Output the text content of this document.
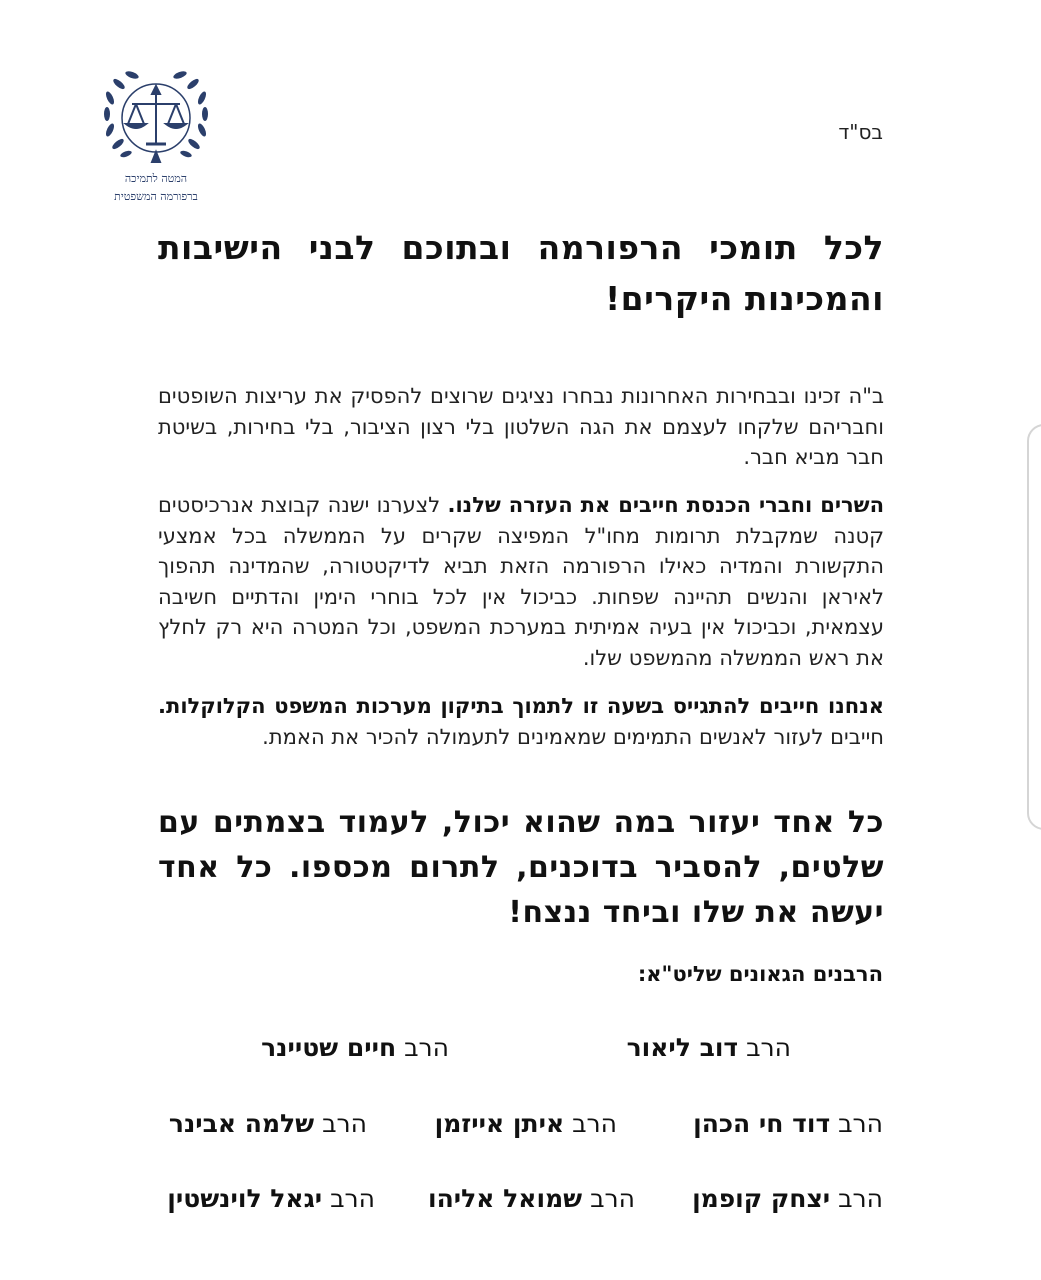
המטה לתמיכה
ברפורמה המשפטית
בס"ד
לכל תומכי הרפורמה ובתוכם לבני הישיבות והמכינות היקרים!
ב"ה זכינו ובבחירות האחרונות נבחרו נציגים שרוצים להפסיק את עריצות השופטים וחבריהם שלקחו לעצמם את הגה השלטון בלי רצון הציבור, בלי בחירות, בשיטת חבר מביא חבר.
השרים וחברי הכנסת חייבים את העזרה שלנו. לצערנו ישנה קבוצת אנרכיסטים קטנה שמקבלת תרומות מחו"ל המפיצה שקרים על הממשלה בכל אמצעי התקשורת והמדיה כאילו הרפורמה הזאת תביא לדיקטטורה, שהמדינה תהפוך לאיראן והנשים תהיינה שפחות. כביכול אין לכל בוחרי הימין והדתיים חשיבה עצמאית, וכביכול אין בעיה אמיתית במערכת המשפט, וכל המטרה היא רק לחלץ את ראש הממשלה מהמשפט שלו.
אנחנו חייבים להתגייס בשעה זו לתמוך בתיקון מערכות המשפט הקלוקלות. חייבים לעזור לאנשים התמימים שמאמינים לתעמולה להכיר את האמת.
כל אחד יעזור במה שהוא יכול, לעמוד בצמתים עם שלטים, להסביר בדוכנים, לתרום מכספו. כל אחד יעשה את שלו וביחד ננצח!
הרבנים הגאונים שליט"א:
הרב דוב ליאור
הרב חיים שטיינר
הרב דוד חי הכהן
הרב איתן אייזמן
הרב שלמה אבינר
הרב יצחק קופמן
הרב שמואל אליהו
הרב יגאל לוינשטין
